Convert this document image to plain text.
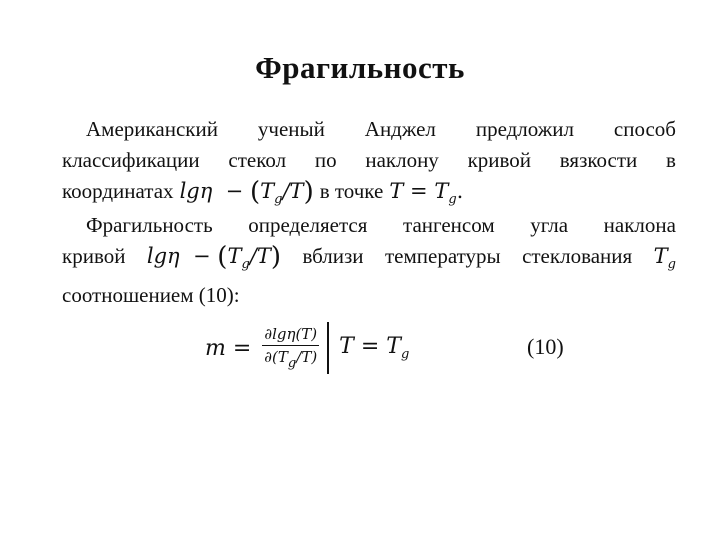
Фрагильность
Американский ученый Анджел предложил способ
классификации стекол по наклону кривой вязкости в
координатах $\lg\eta - (T_g/T)$ в точке $T = T_g$.
Фрагильность определяется тангенсом угла наклона
кривой $\lg\eta - (T_g/T)$ вблизи температуры стеклования $T_g$
соотношением (10):
m
=
$\frac{\partial\lg\eta(T)}{\partial(T_g/T)}$ $T = T_g$	(10)
